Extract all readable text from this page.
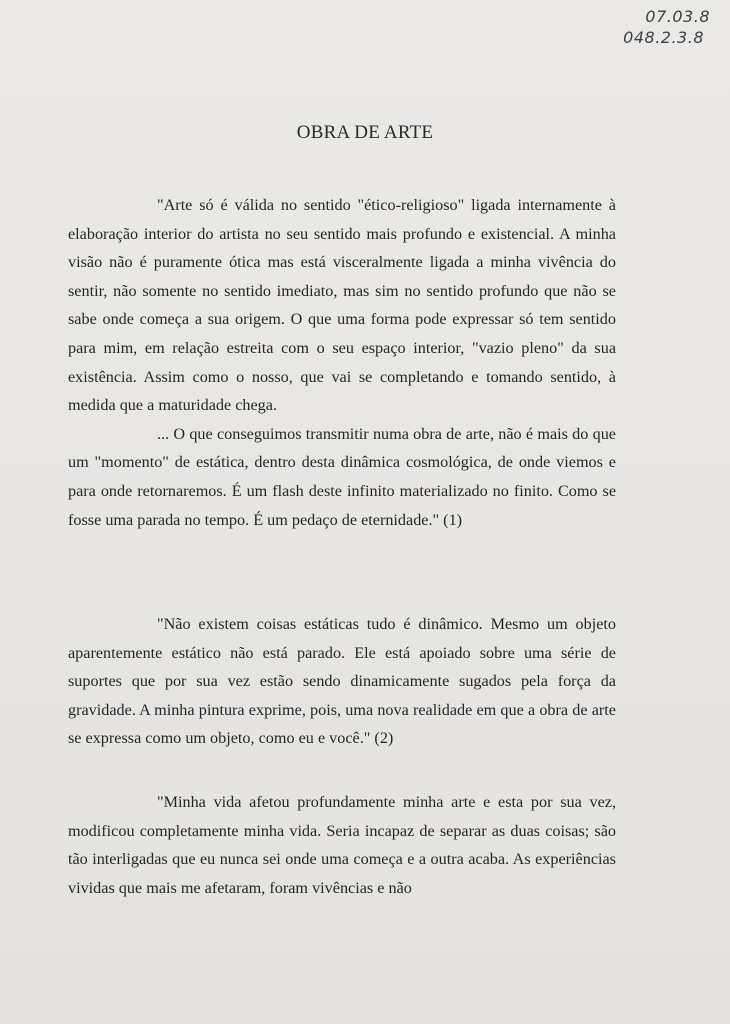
07.03.8
048.2.3.8
OBRA DE ARTE

"Arte só é válida no sentido "ético-religioso" ligada internamente à elaboração interior do artista no seu sentido mais profundo e existencial. A minha visão não é puramente ótica mas está visceralmente ligada a minha vivência do sentir, não somente no sentido imediato, mas sim no sentido profundo que não se sabe onde começa a sua origem. O que uma forma pode expressar só tem sentido para mim, em relação estreita com o seu espaço interior, "vazio pleno" da sua existência. Assim como o nosso, que vai se completando e tomando sentido, à medida que a maturidade chega.

... O que conseguimos transmitir numa obra de arte, não é mais do que um "momento" de estática, dentro desta dinâmica cosmológica, de onde viemos e para onde retornaremos. É um flash deste infinito materializado no finito. Como se fosse uma parada no tempo. É um pedaço de eternidade." (1)

"Não existem coisas estáticas tudo é dinâmico. Mesmo um objeto aparentemente estático não está parado. Ele está apoiado sobre uma série de suportes que por sua vez estão sendo dinamicamente sugados pela força da gravidade. A minha pintura exprime, pois, uma nova realidade em que a obra de arte se expressa como um objeto, como eu e você." (2)

"Minha vida afetou profundamente minha arte e esta por sua vez, modificou completamente minha vida. Seria incapaz de separar as duas coisas; são tão interligadas que eu nunca sei onde uma começa e a outra acaba. As experiências vividas que mais me afetaram, foram vivências e não
